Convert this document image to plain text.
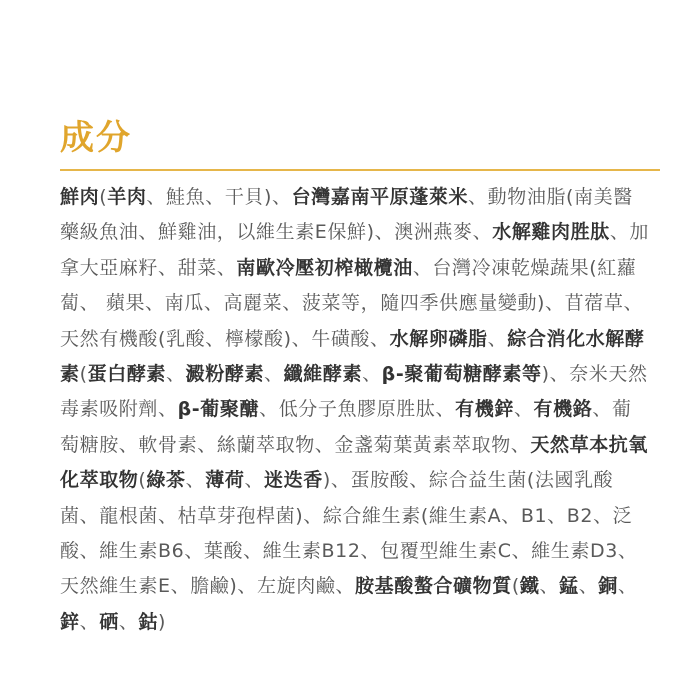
成分

鮮肉(羊肉、鮭魚、干貝)、台灣嘉南平原蓬萊米、動物油脂(南美醫藥級魚油、鮮雞油，以維生素E保鮮)、澳洲燕麥、水解雞肉胜肽、加拿大亞麻籽、甜菜、南歐冷壓初榨橄欖油、台灣冷凍乾燥蔬果(紅蘿蔔、 蘋果、南瓜、高麗菜、菠菜等，隨四季供應量變動)、苜蓿草、天然有機酸(乳酸、檸檬酸)、牛磺酸、水解卵磷脂、綜合消化水解酵素(蛋白酵素、澱粉酵素、纖維酵素、β-聚葡萄糖酵素等)、奈米天然毒素吸附劑、β-葡聚醣、低分子魚膠原胜肽、有機鋅、有機鉻、葡萄糖胺、軟骨素、絲蘭萃取物、金盞菊葉黃素萃取物、天然草本抗氧化萃取物(綠茶、薄荷、迷迭香)、蛋胺酸、綜合益生菌(法國乳酸菌、龍根菌、枯草芽孢桿菌)、綜合維生素(維生素A、B1、B2、泛酸、維生素B6、葉酸、維生素B12、包覆型維生素C、維生素D3、天然維生素E、膽鹼)、左旋肉鹼、胺基酸螯合礦物質(鐵、錳、銅、鋅、硒、鈷)
